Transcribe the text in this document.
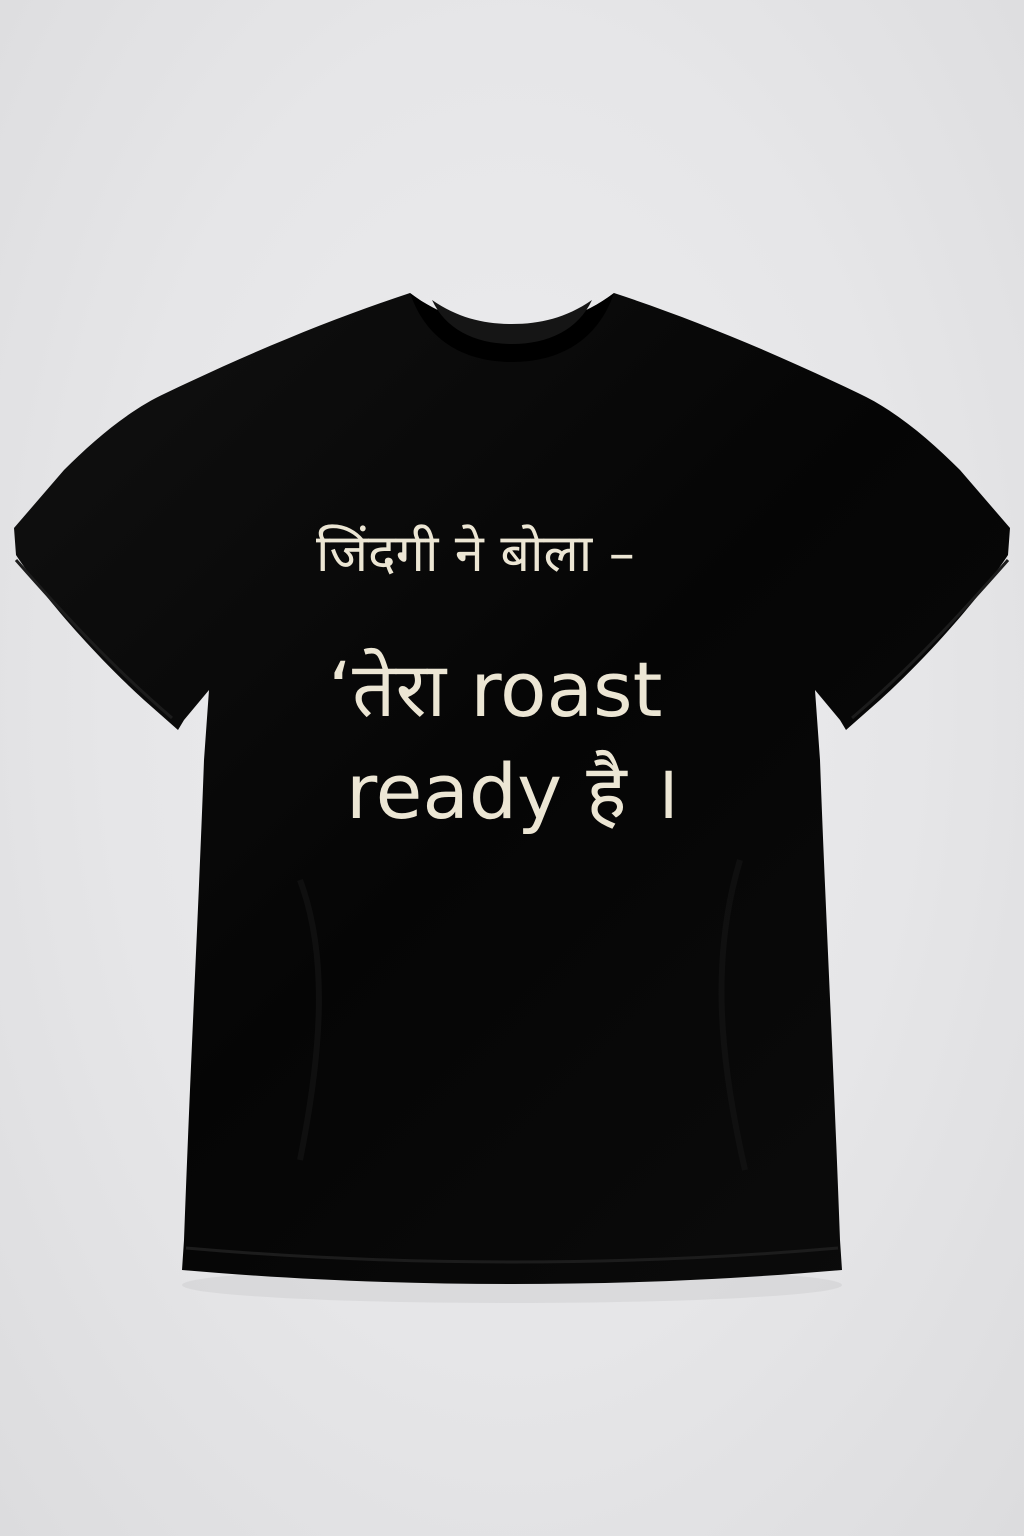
जिंदगी ने बोला –
‘तेरा roast
ready है ।
